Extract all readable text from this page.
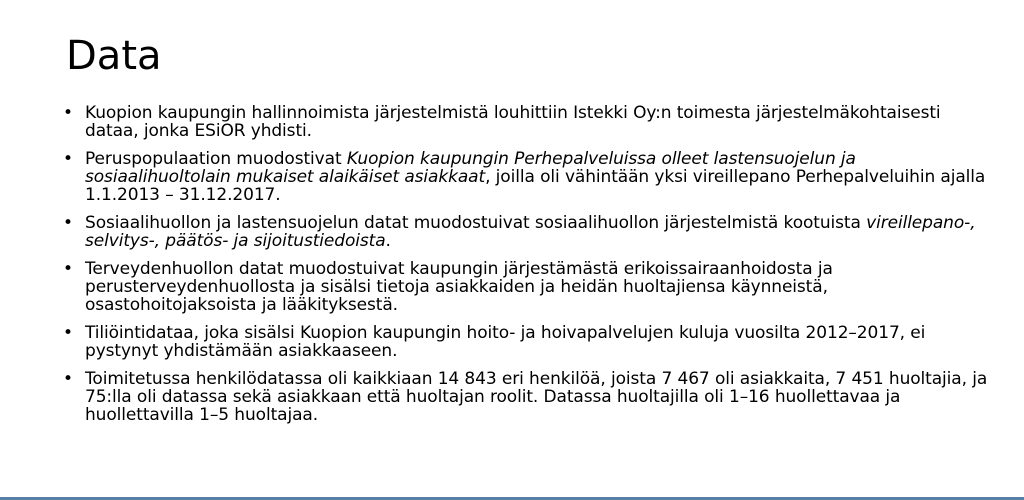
Data
• Kuopion kaupungin hallinnoimista järjestelmistä louhittiin Istekki Oy:n toimesta järjestelmäkohtaisesti dataa, jonka ESiOR yhdisti.
• Peruspopulaation muodostivat Kuopion kaupungin Perhepalveluissa olleet lastensuojelun ja sosiaalihuoltolain mukaiset alaikäiset asiakkaat, joilla oli vähintään yksi vireillepano Perhepalveluihin ajalla 1.1.2013 – 31.12.2017.
• Sosiaalihuollon ja lastensuojelun datat muodostuivat sosiaalihuollon järjestelmistä kootuista vireillepano-, selvitys-, päätös- ja sijoitustiedoista.
• Terveydenhuollon datat muodostuivat kaupungin järjestämästä erikoissairaanhoidosta ja perusterveydenhuollosta ja sisälsi tietoja asiakkaiden ja heidän huoltajiensa käynneistä, osastohoitojaksoista ja lääkityksestä.
• Tiliöintidataa, joka sisälsi Kuopion kaupungin hoito- ja hoivapalvelujen kuluja vuosilta 2012–2017, ei pystynyt yhdistämään asiakkaaseen.
• Toimitetussa henkilödatassa oli kaikkiaan 14 843 eri henkilöä, joista 7 467 oli asiakkaita, 7 451 huoltajia, ja 75:lla oli datassa sekä asiakkaan että huoltajan roolit. Datassa huoltajilla oli 1–16 huollettavaa ja huollettavilla 1–5 huoltajaa.
